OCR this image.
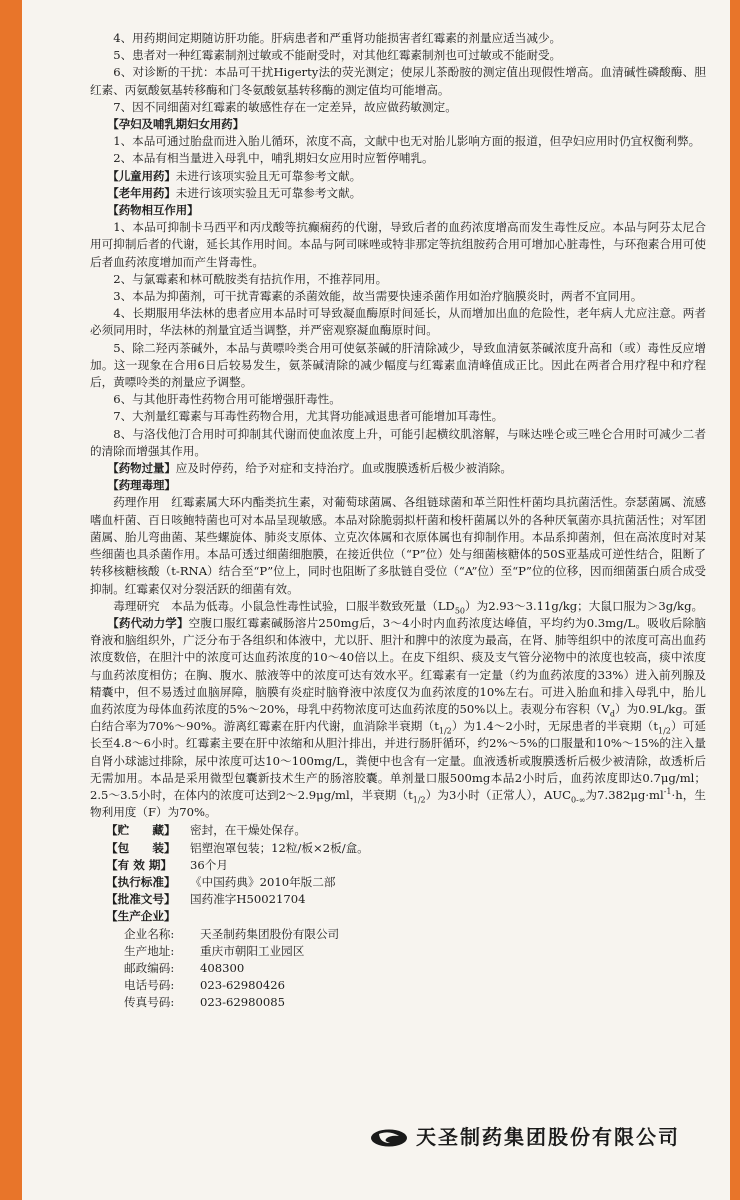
4、用药期间定期随访肝功能。肝病患者和严重肾功能损害者红霉素的剂量应适当减少。

5、患者对一种红霉素制剂过敏或不能耐受时，对其他红霉素制剂也可过敏或不能耐受。

6、对诊断的干扰：本品可干扰Higerty法的荧光测定；使尿儿茶酚胺的测定值出现假性增高。血清碱性磷酸酶、胆红素、丙氨酸氨基转移酶和门冬氨酸氨基转移酶的测定值均可能增高。

7、因不同细菌对红霉素的敏感性存在一定差异，故应做药敏测定。

【孕妇及哺乳期妇女用药】

1、本品可通过胎盘而进入胎儿循环，浓度不高，文献中也无对胎儿影响方面的报道，但孕妇应用时仍宜权衡利弊。

2、本品有相当量进入母乳中，哺乳期妇女应用时应暂停哺乳。

【儿童用药】未进行该项实验且无可靠参考文献。

【老年用药】未进行该项实验且无可靠参考文献。

【药物相互作用】

1、本品可抑制卡马西平和丙戊酸等抗癫痫药的代谢，导致后者的血药浓度增高而发生毒性反应。本品与阿芬太尼合用可抑制后者的代谢，延长其作用时间。本品与阿司咪唑或特非那定等抗组胺药合用可增加心脏毒性，与环孢素合用可使后者血药浓度增加而产生肾毒性。

2、与氯霉素和林可酰胺类有拮抗作用，不推荐同用。

3、本品为抑菌剂，可干扰青霉素的杀菌效能，故当需要快速杀菌作用如治疗脑膜炎时，两者不宜同用。

4、长期服用华法林的患者应用本品时可导致凝血酶原时间延长，从而增加出血的危险性，老年病人尤应注意。两者必须同用时，华法林的剂量宜适当调整，并严密观察凝血酶原时间。

5、除二羟丙茶碱外，本品与黄嘌呤类合用可使氨茶碱的肝清除减少，导致血清氨茶碱浓度升高和（或）毒性反应增加。这一现象在合用6日后较易发生，氨茶碱清除的减少幅度与红霉素血清峰值成正比。因此在两者合用疗程中和疗程后，黄嘌呤类的剂量应予调整。

6、与其他肝毒性药物合用可能增强肝毒性。

7、大剂量红霉素与耳毒性药物合用，尤其肾功能减退患者可能增加耳毒性。

8、与洛伐他汀合用时可抑制其代谢而使血浓度上升，可能引起横纹肌溶解，与咪达唑仑或三唑仑合用时可减少二者的清除而增强其作用。

【药物过量】应及时停药，给予对症和支持治疗。血或腹膜透析后极少被消除。

【药理毒理】

药理作用　红霉素属大环内酯类抗生素，对葡萄球菌属、各组链球菌和革兰阳性杆菌均具抗菌活性。奈瑟菌属、流感嗜血杆菌、百日咳鲍特菌也可对本品呈现敏感。本品对除脆弱拟杆菌和梭杆菌属以外的各种厌氧菌亦具抗菌活性；对军团菌属、胎儿弯曲菌、某些螺旋体、肺炎支原体、立克次体属和衣原体属也有抑制作用。本品系抑菌剂，但在高浓度时对某些细菌也具杀菌作用。本品可透过细菌细胞膜，在接近供位（“P”位）处与细菌核糖体的50S亚基成可逆性结合，阻断了转移核糖核酸（t-RNA）结合至“P”位上，同时也阻断了多肽链自受位（“A”位）至“P”位的位移，因而细菌蛋白质合成受抑制。红霉素仅对分裂活跃的细菌有效。

毒理研究　本品为低毒。小鼠急性毒性试验，口服半数致死量$(LD_{50})$为2.93～3.11g/kg；大鼠口服为＞3g/kg。

【药代动力学】空腹口服红霉素碱肠溶片250mg后，3～4小时内血药浓度达峰值，平均约为0.3mg/L。吸收后除脑脊液和脑组织外，广泛分布于各组织和体液中，尤以肝、胆汁和脾中的浓度为最高，在肾、肺等组织中的浓度可高出血药浓度数倍，在胆汁中的浓度可达血药浓度的10～40倍以上。在皮下组织、痰及支气管分泌物中的浓度也较高，痰中浓度与血药浓度相仿；在胸、腹水、脓液等中的浓度可达有效水平。红霉素有一定量（约为血药浓度的33%）进入前列腺及精囊中，但不易透过血脑屏障，脑膜有炎症时脑脊液中浓度仅为血药浓度的10%左右。可进入胎血和排入母乳中，胎儿血药浓度为母体血药浓度的5%～20%，母乳中药物浓度可达血药浓度的50%以上。表观分布容积$(V_d)$为0.9L/kg。蛋白结合率为70%～90%。游离红霉素在肝内代谢，血消除半衰期$(t_{1/2})$为1.4～2小时，无尿患者的半衰期$(t_{1/2})$可延长至4.8～6小时。红霉素主要在肝中浓缩和从胆汁排出，并进行肠肝循环，约2%～5%的口服量和10%～15%的注入量自肾小球滤过排除，尿中浓度可达10～100mg/L，粪便中也含有一定量。血液透析或腹膜透析后极少被清除，故透析后无需加用。本品是采用微型包囊新技术生产的肠溶胶囊。单剂量口服500mg本品2小时后，血药浓度即达0.7μg/ml；2.5～3.5小时，在体内的浓度可达到2～2.9μg/ml，半衰期$(t_{1/2})$为3小时（正常人），$AUC_{0-\infty}$为$7.382\mu g\cdot ml^{-1}\cdot h$，生物利用度（F）为70%。

【贮　　藏】	密封，在干燥处保存。
【包　　装】	铝塑泡罩包装；12粒/板×2板/盒。
【有 效 期】	36个月
【执行标准】	《中国药典》2010年版二部
【批准文号】	国药准字H50021704
【生产企业】
企业名称:	天圣制药集团股份有限公司
生产地址:	重庆市朝阳工业园区
邮政编码:	408300
电话号码:	023-62980426
传真号码:	023-62980085
天圣制药集团股份有限公司
